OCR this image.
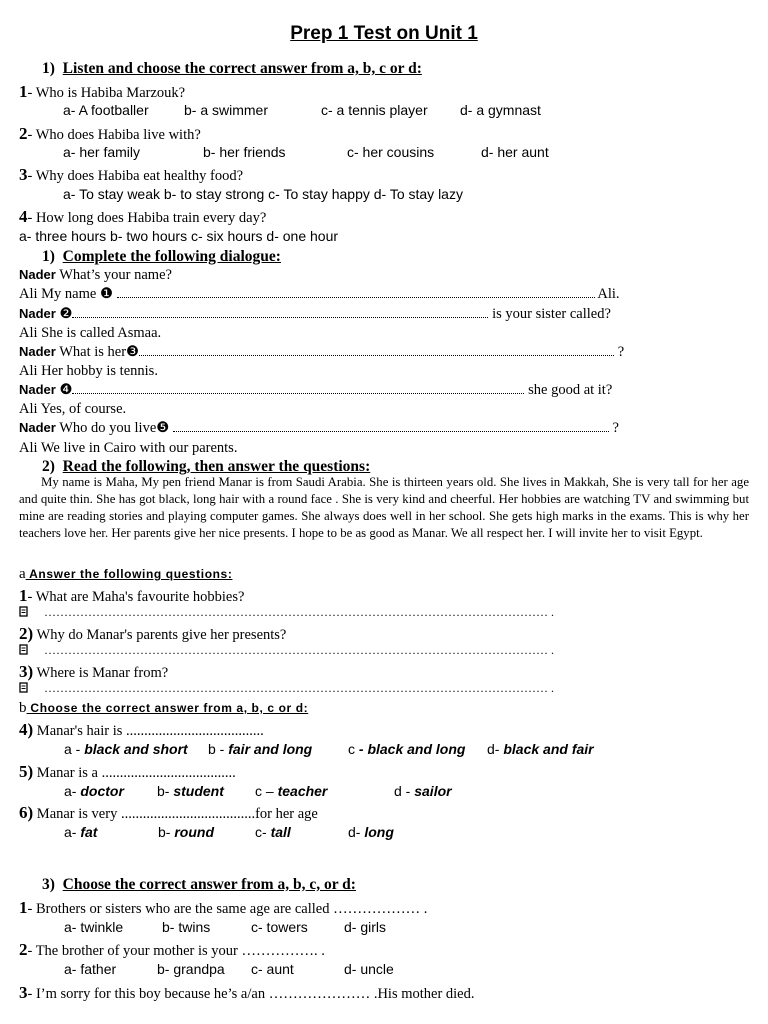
Prep 1 Test on Unit 1
1) Listen and choose the correct answer from a, b, c or d:
1- Who is Habiba Marzouk?
a- A footballer	b- a swimmer	c- a tennis player d- a gymnast
2- Who does Habiba live with?
a- her family	b- her friends	c- her cousins	d- her aunt
3- Why does Habiba eat healthy food?
a- To stay weak b- to stay strong c- To stay happy d- To stay lazy
4- How long does Habiba train every day?
a- three hours b- two hours c- six hours d- one hour
1) Complete the following dialogue:
Nader What’s your name?
Ali My name ❶	Ali.
Nader ❷	is your sister called?
Ali She is called Asmaa.
Nader What is her❸	?
Ali Her hobby is tennis.
Nader ❹	she good at it?
Ali Yes, of course.
Nader Who do you live❺	?
Ali We live in Cairo with our parents.
2) Read the following, then answer the questions:
My name is Maha, My pen friend Manar is from Saudi Arabia. She is thirteen years old. She lives in Makkah, She is very tall for her age and quite thin. She has got black, long hair with a round face . She is very kind and cheerful. Her hobbies are watching TV and swimming but mine are reading stories and playing computer games. She always does well in her school. She gets high marks in the exams. This is why her teachers love her. Her parents give her nice presents. I hope to be as good as Manar. We all respect her. I will invite her to visit Egypt.
a Answer the following questions:
1- What are Maha's favourite hobbies?
……………………………………………………………………………………………………………… .
2) Why do Manar's parents give her presents?
……………………………………………………………………………………………………………… .
3) Where is Manar from?
……………………………………………………………………………………………………………… .
b Choose the correct answer from a, b, c or d:
4) Manar's hair is ......................................
a - black and short b - fair and long	c - black and long d- black and fair
5) Manar is a .....................................
a- doctor b- student c – teacher	d - sailor
6) Manar is very .....................................for her age
a- fat	b- round	c- tall	d- long
3) Choose the correct answer from a, b, c, or d:
1- Brothers or sisters who are the same age are called ……………… .
a- twinkle	b- twins	c- towers	d- girls
2- The brother of your mother is your ……………. .
a- father	b- grandpa c- aunt	d- uncle
3- I’m sorry for this boy because he’s a/an ………………… .His mother died.
